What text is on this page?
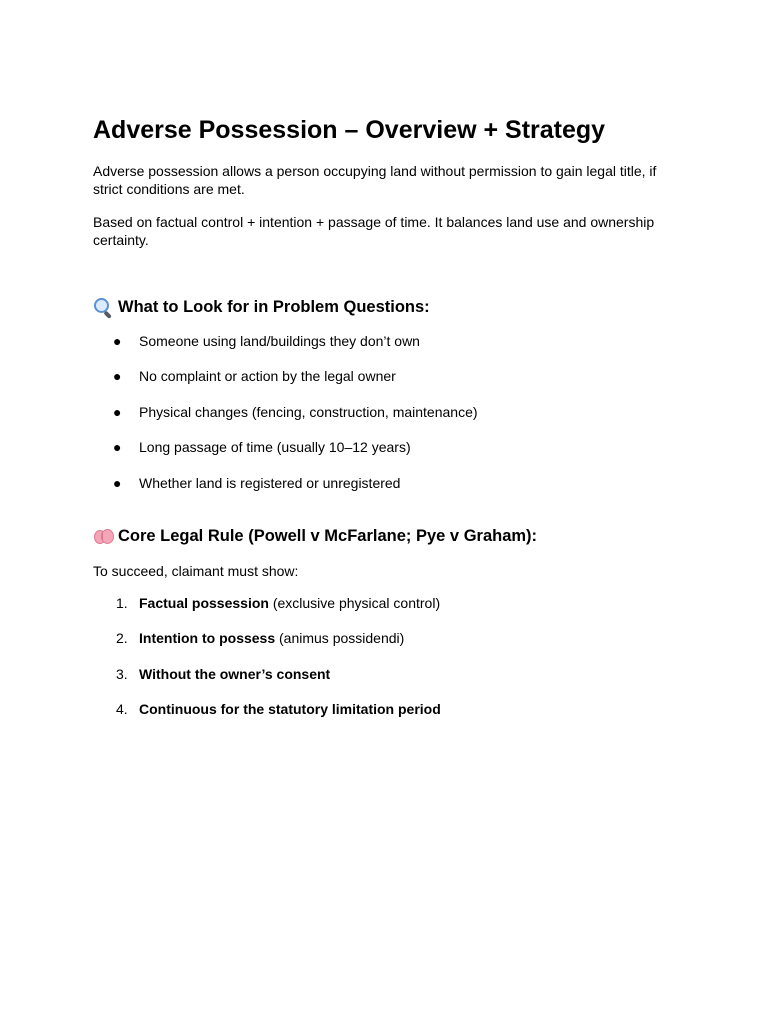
Adverse Possession – Overview + Strategy

Adverse possession allows a person occupying land without permission to gain legal title, if strict conditions are met.

Based on factual control + intention + passage of time. It balances land use and ownership certainty.

What to Look for in Problem Questions:
●	Someone using land/buildings they don’t own
●	No complaint or action by the legal owner
●	Physical changes (fencing, construction, maintenance)
●	Long passage of time (usually 10–12 years)
●	Whether land is registered or unregistered
Core Legal Rule (Powell v McFarlane; Pye v Graham):

To succeed, claimant must show:

1. Factual possession (exclusive physical control)
2. Intention to possess (animus possidendi)
3. Without the owner’s consent
4. Continuous for the statutory limitation period
